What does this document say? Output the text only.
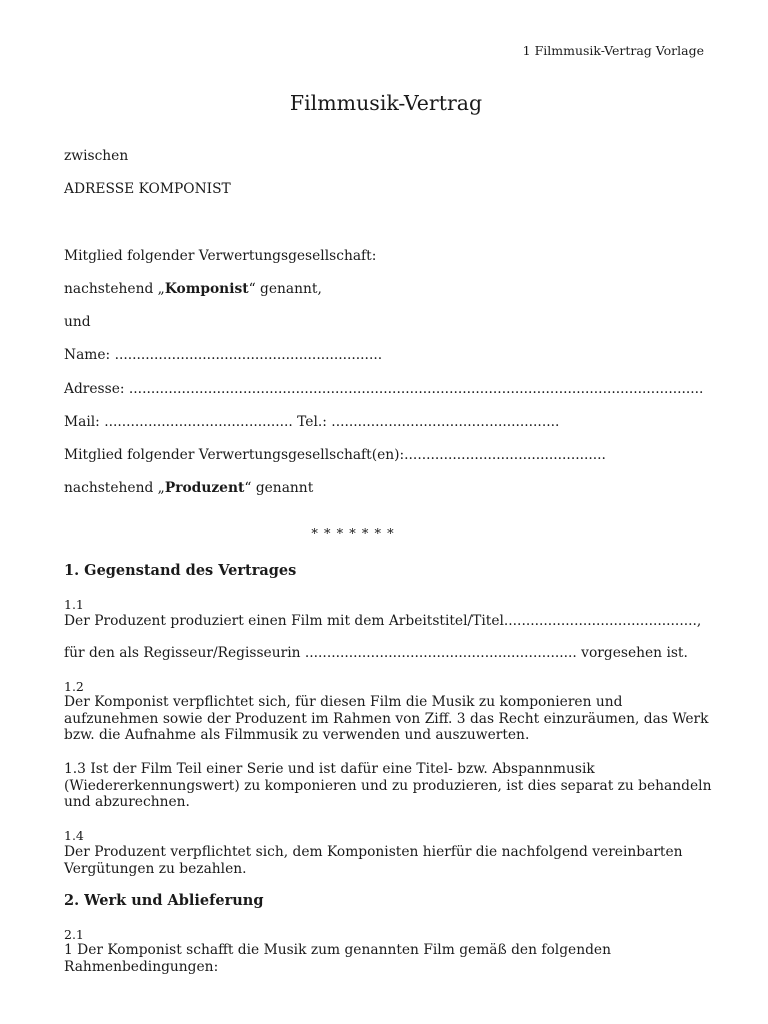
1 Filmmusik-Vertrag Vorlage
Filmmusik-Vertrag
zwischen
ADRESSE KOMPONIST
Mitglied folgender Verwertungsgesellschaft:
nachstehend „Komponist“ genannt,
und
Name: .............................................................
Adresse: ...................................................................................................................................
Mail: ........................................... Tel.: ....................................................
Mitglied folgender Verwertungsgesellschaft(en):..............................................
nachstehend „Produzent“ genannt
* * * * * * *
1. Gegenstand des Vertrages
1.1
Der Produzent produziert einen Film mit dem Arbeitstitel/Titel............................................,
für den als Regisseur/Regisseurin .............................................................. vorgesehen ist.
1.2
Der Komponist verpflichtet sich, für diesen Film die Musik zu komponieren und
aufzunehmen sowie der Produzent im Rahmen von Ziff. 3 das Recht einzuräumen, das Werk
bzw. die Aufnahme als Filmmusik zu verwenden und auszuwerten.
1.3 Ist der Film Teil einer Serie und ist dafür eine Titel- bzw. Abspannmusik
(Wiedererkennungswert) zu komponieren und zu produzieren, ist dies separat zu behandeln
und abzurechnen.
1.4
Der Produzent verpflichtet sich, dem Komponisten hierfür die nachfolgend vereinbarten
Vergütungen zu bezahlen.
2. Werk und Ablieferung
2.1
1 Der Komponist schafft die Musik zum genannten Film gemäß den folgenden
Rahmenbedingungen:
